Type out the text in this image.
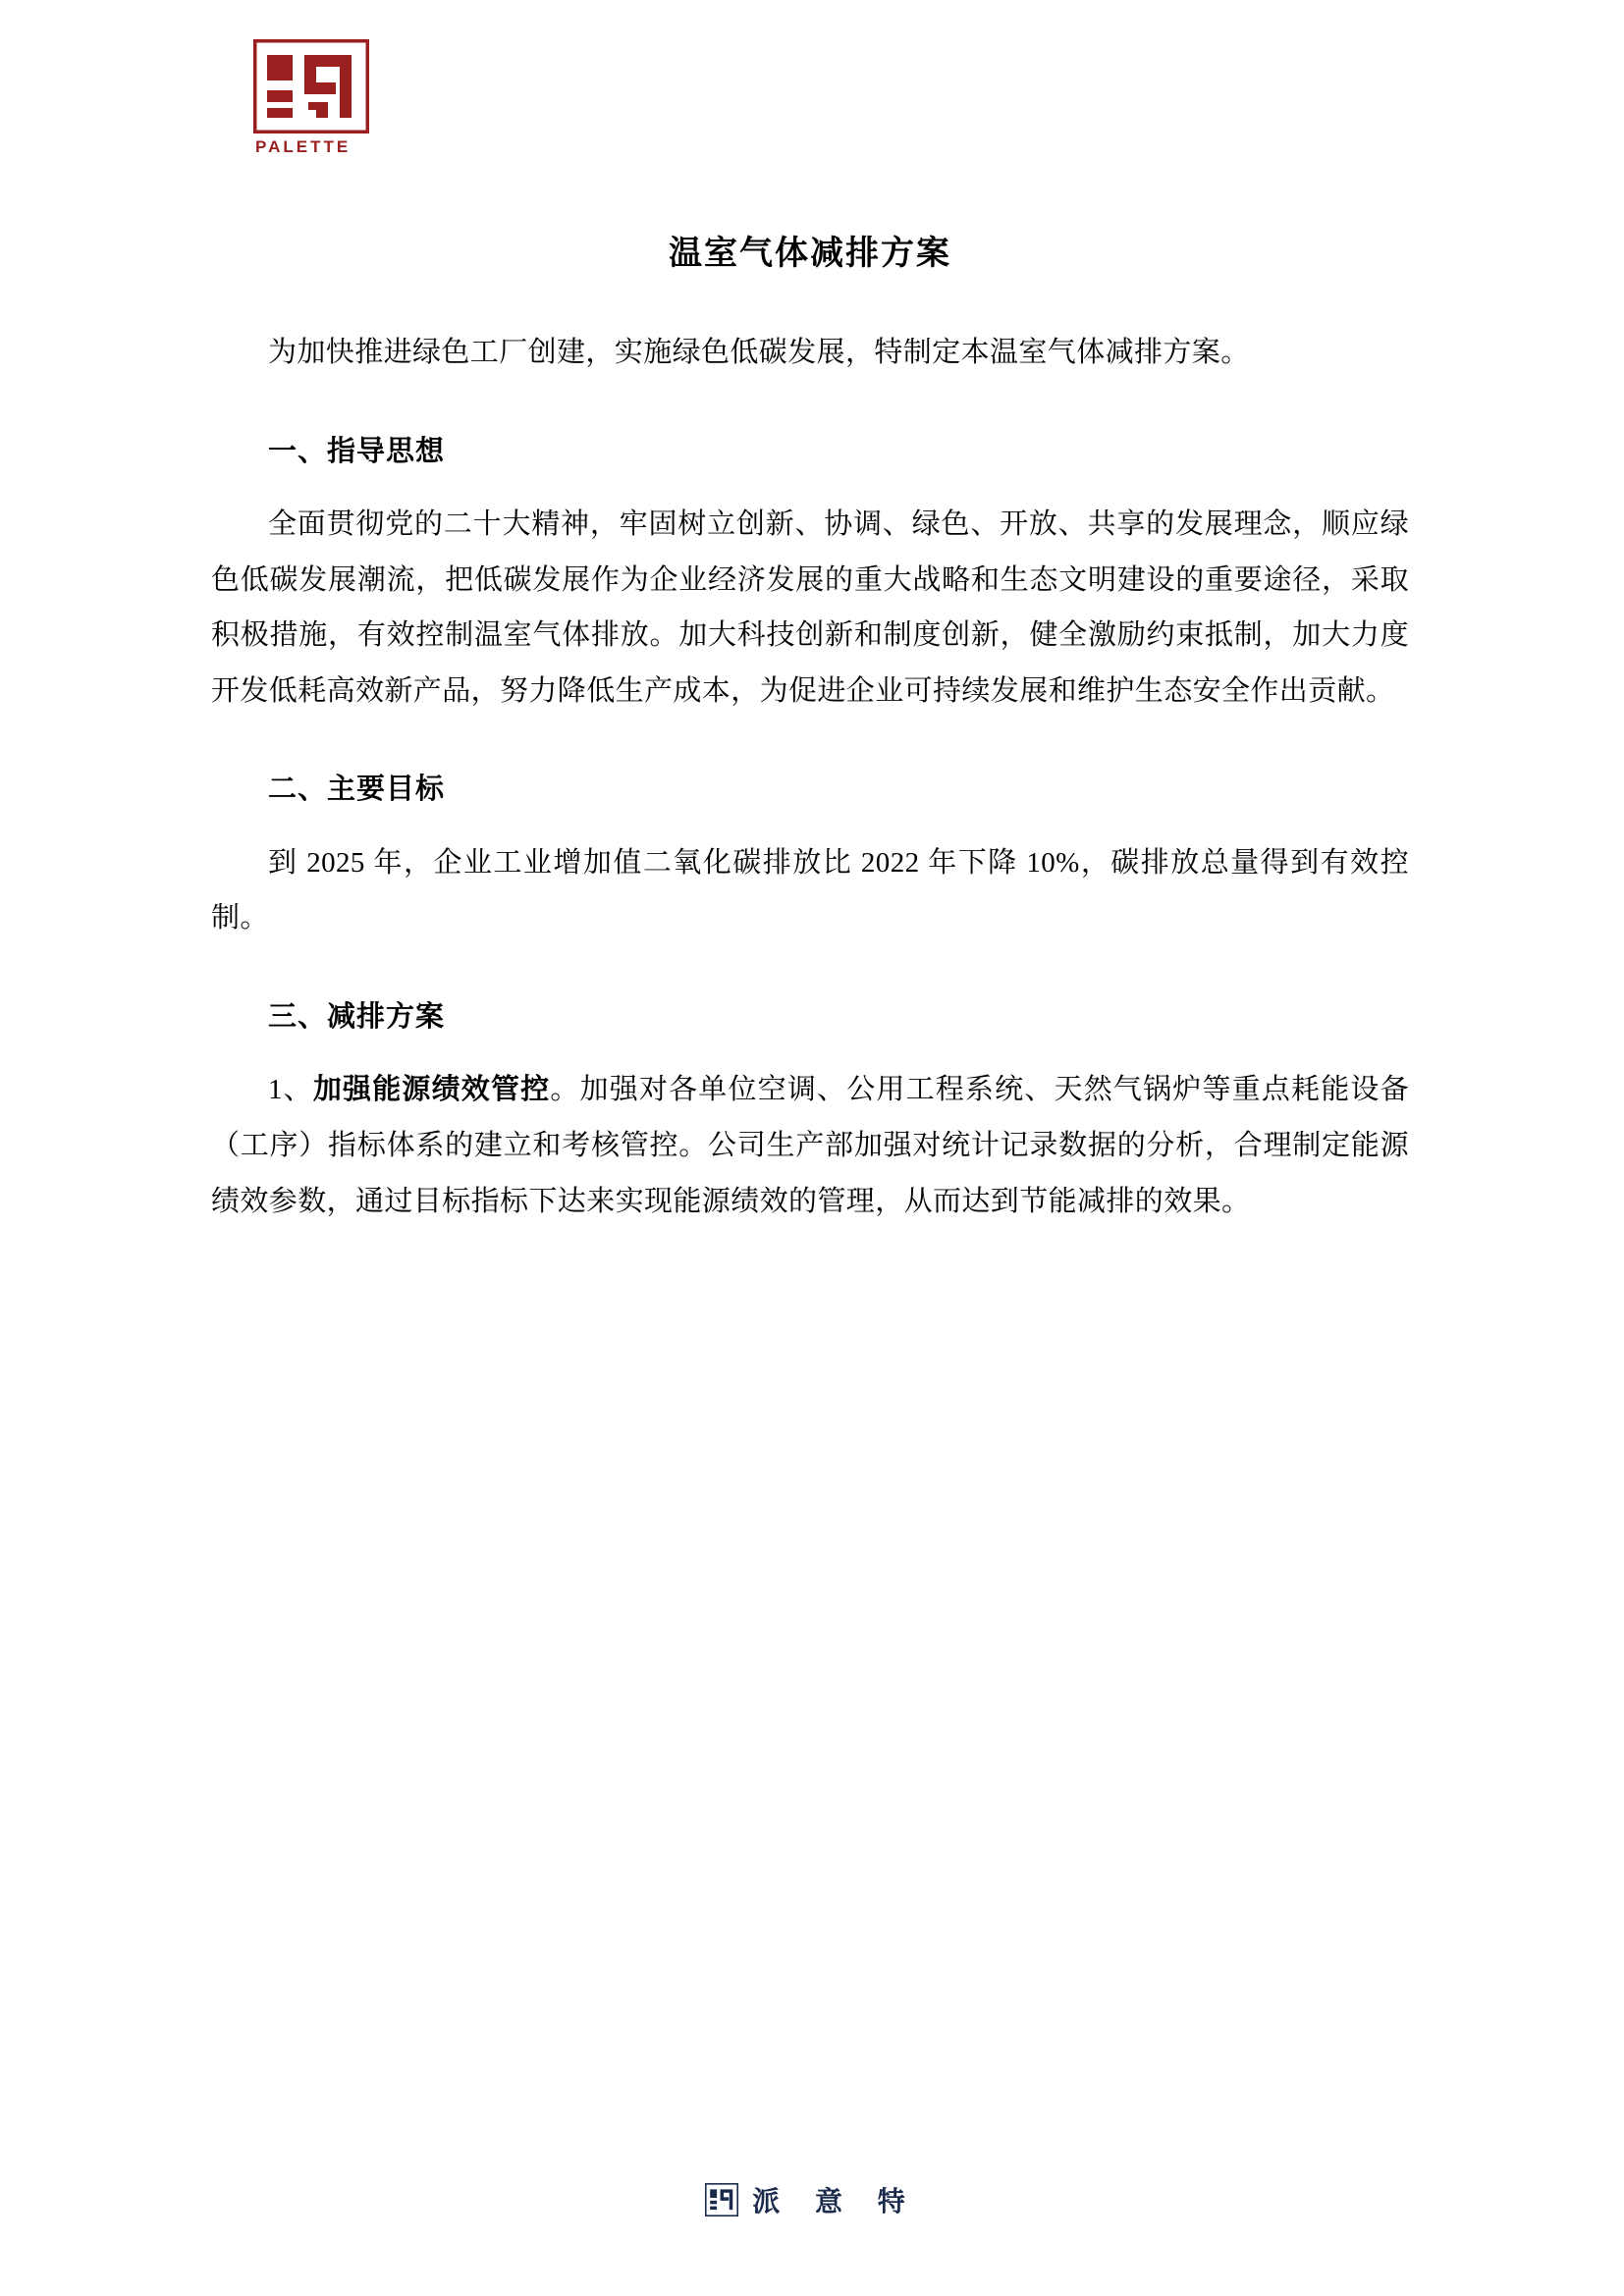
PALETTE
温室气体减排方案

为加快推进绿色工厂创建，实施绿色低碳发展，特制定本温室气体减排方案。

一、指导思想

全面贯彻党的二十大精神，牢固树立创新、协调、绿色、开放、共享的发展理念，顺应绿色低碳发展潮流，把低碳发展作为企业经济发展的重大战略和生态文明建设的重要途径，采取积极措施，有效控制温室气体排放。加大科技创新和制度创新，健全激励约束抵制，加大力度开发低耗高效新产品，努力降低生产成本，为促进企业可持续发展和维护生态安全作出贡献。

二、主要目标

到 2025 年，企业工业增加值二氧化碳排放比 2022 年下降 10%，碳排放总量得到有效控制。

三、减排方案

1、加强能源绩效管控。加强对各单位空调、公用工程系统、天然气锅炉等重点耗能设备（工序）指标体系的建立和考核管控。公司生产部加强对统计记录数据的分析，合理制定能源绩效参数，通过目标指标下达来实现能源绩效的管理，从而达到节能减排的效果。

派 意 特
